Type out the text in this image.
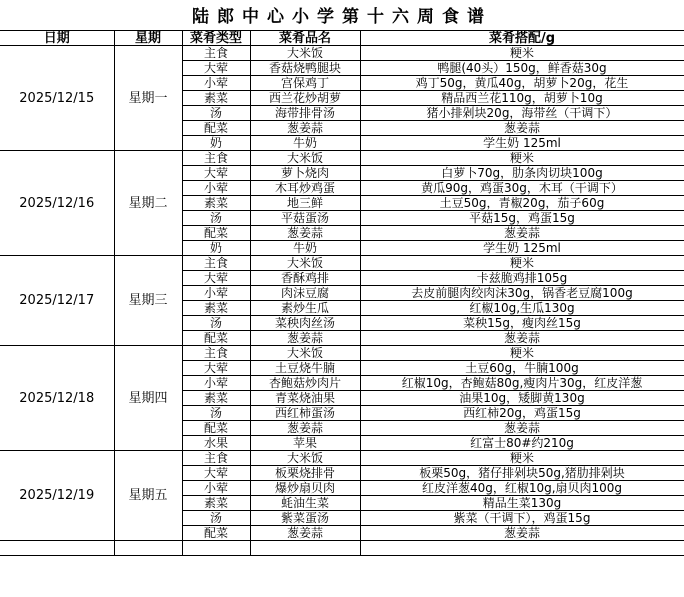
陆郎中心小学第十六周食谱
日期	星期	菜肴类型	菜肴品名	菜肴搭配/g
2025/12/15	星期一	主食	大米饭	粳米
		大荤	香菇烧鸭腿块	鸭腿(40头）150g，鲜香菇30g
		小荤	宫保鸡丁	鸡丁50g，黄瓜40g，胡萝卜20g，花生
		素菜	西兰花炒胡萝	精品西兰花110g，胡萝卜10g
		汤	海带排骨汤	猪小排剁块20g，海带丝（干调下）
		配菜	葱姜蒜	葱姜蒜
		奶	牛奶	学生奶 125ml
2025/12/16	星期二	主食	大米饭	粳米
		大荤	萝卜烧肉	白萝卜70g，肋条肉切块100g
		小荤	木耳炒鸡蛋	黄瓜90g，鸡蛋30g，木耳（干调下）
		素菜	地三鲜	土豆50g，青椒20g，茄子60g
		汤	平菇蛋汤	平菇15g，鸡蛋15g
		配菜	葱姜蒜	葱姜蒜
		奶	牛奶	学生奶 125ml
2025/12/17	星期三	主食	大米饭	粳米
		大荤	香酥鸡排	卡兹脆鸡排105g
		小荤	肉沫豆腐	去皮前腿肉绞肉沫30g，锅香老豆腐100g
		素菜	素炒生瓜	红椒10g,生瓜130g
		汤	菜秧肉丝汤	菜秧15g，瘦肉丝15g
		配菜	葱姜蒜	葱姜蒜
2025/12/18	星期四	主食	大米饭	粳米
		大荤	土豆烧牛腩	土豆60g，牛腩100g
		小荤	杏鲍菇炒肉片	红椒10g，杏鲍菇80g,瘦肉片30g，红皮洋葱
		素菜	青菜烧油果	油果10g，矮脚黄130g
		汤	西红柿蛋汤	西红柿20g，鸡蛋15g
		配菜	葱姜蒜	葱姜蒜
		水果	苹果	红富士80#约210g
2025/12/19	星期五	主食	大米饭	粳米
		大荤	板栗烧排骨	板栗50g，猪仔排剁块50g,猪肋排剁块
		小荤	爆炒扇贝肉	红皮洋葱40g，红椒10g,扇贝肉100g
		素菜	蚝油生菜	精品生菜130g
		汤	紫菜蛋汤	紫菜（干调下），鸡蛋15g
		配菜	葱姜蒜	葱姜蒜
